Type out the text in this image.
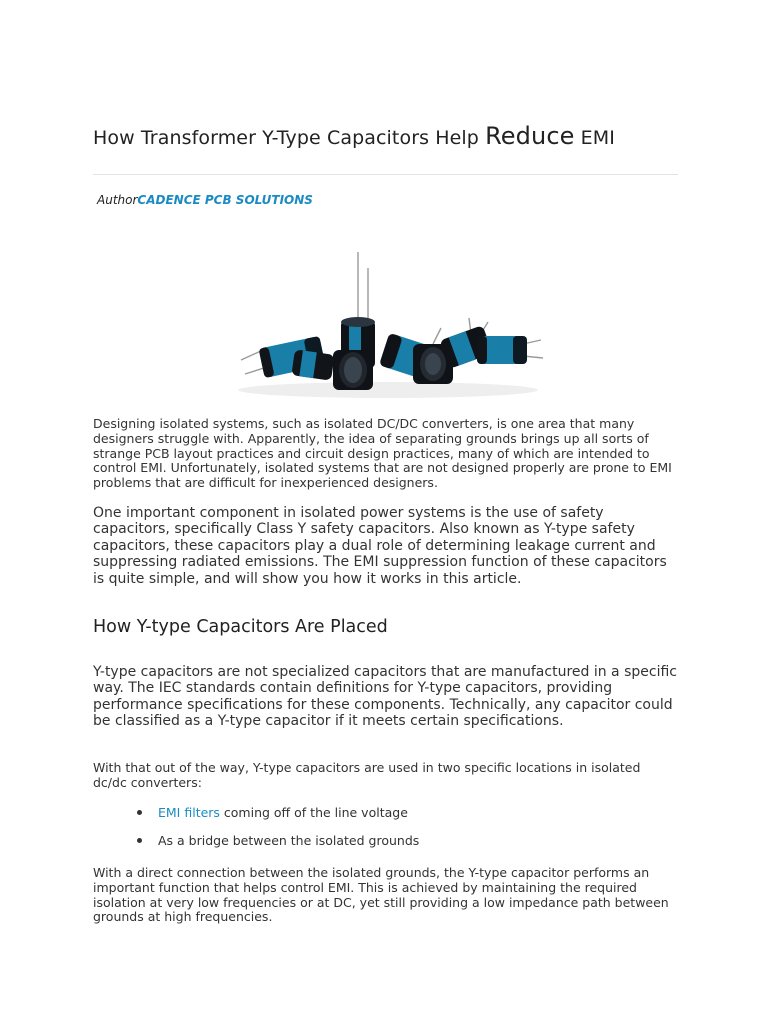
How Transformer Y-Type Capacitors Help Reduce EMI
AuthorCADENCE PCB SOLUTIONS

Designing isolated systems, such as isolated DC/DC converters, is one area that many designers struggle with. Apparently, the idea of separating grounds brings up all sorts of strange PCB layout practices and circuit design practices, many of which are intended to control EMI. Unfortunately, isolated systems that are not designed properly are prone to EMI problems that are difficult for inexperienced designers.

One important component in isolated power systems is the use of safety capacitors, specifically Class Y safety capacitors. Also known as Y-type safety capacitors, these capacitors play a dual role of determining leakage current and suppressing radiated emissions. The EMI suppression function of these capacitors is quite simple, and will show you how it works in this article.

How Y-type Capacitors Are Placed

Y-type capacitors are not specialized capacitors that are manufactured in a specific way. The IEC standards contain definitions for Y-type capacitors, providing performance specifications for these components. Technically, any capacitor could be classified as a Y-type capacitor if it meets certain specifications.

With that out of the way, Y-type capacitors are used in two specific locations in isolated dc/dc converters:

EMI filters coming off of the line voltage
As a bridge between the isolated grounds

With a direct connection between the isolated grounds, the Y-type capacitor performs an important function that helps control EMI. This is achieved by maintaining the required isolation at very low frequencies or at DC, yet still providing a low impedance path between grounds at high frequencies.
